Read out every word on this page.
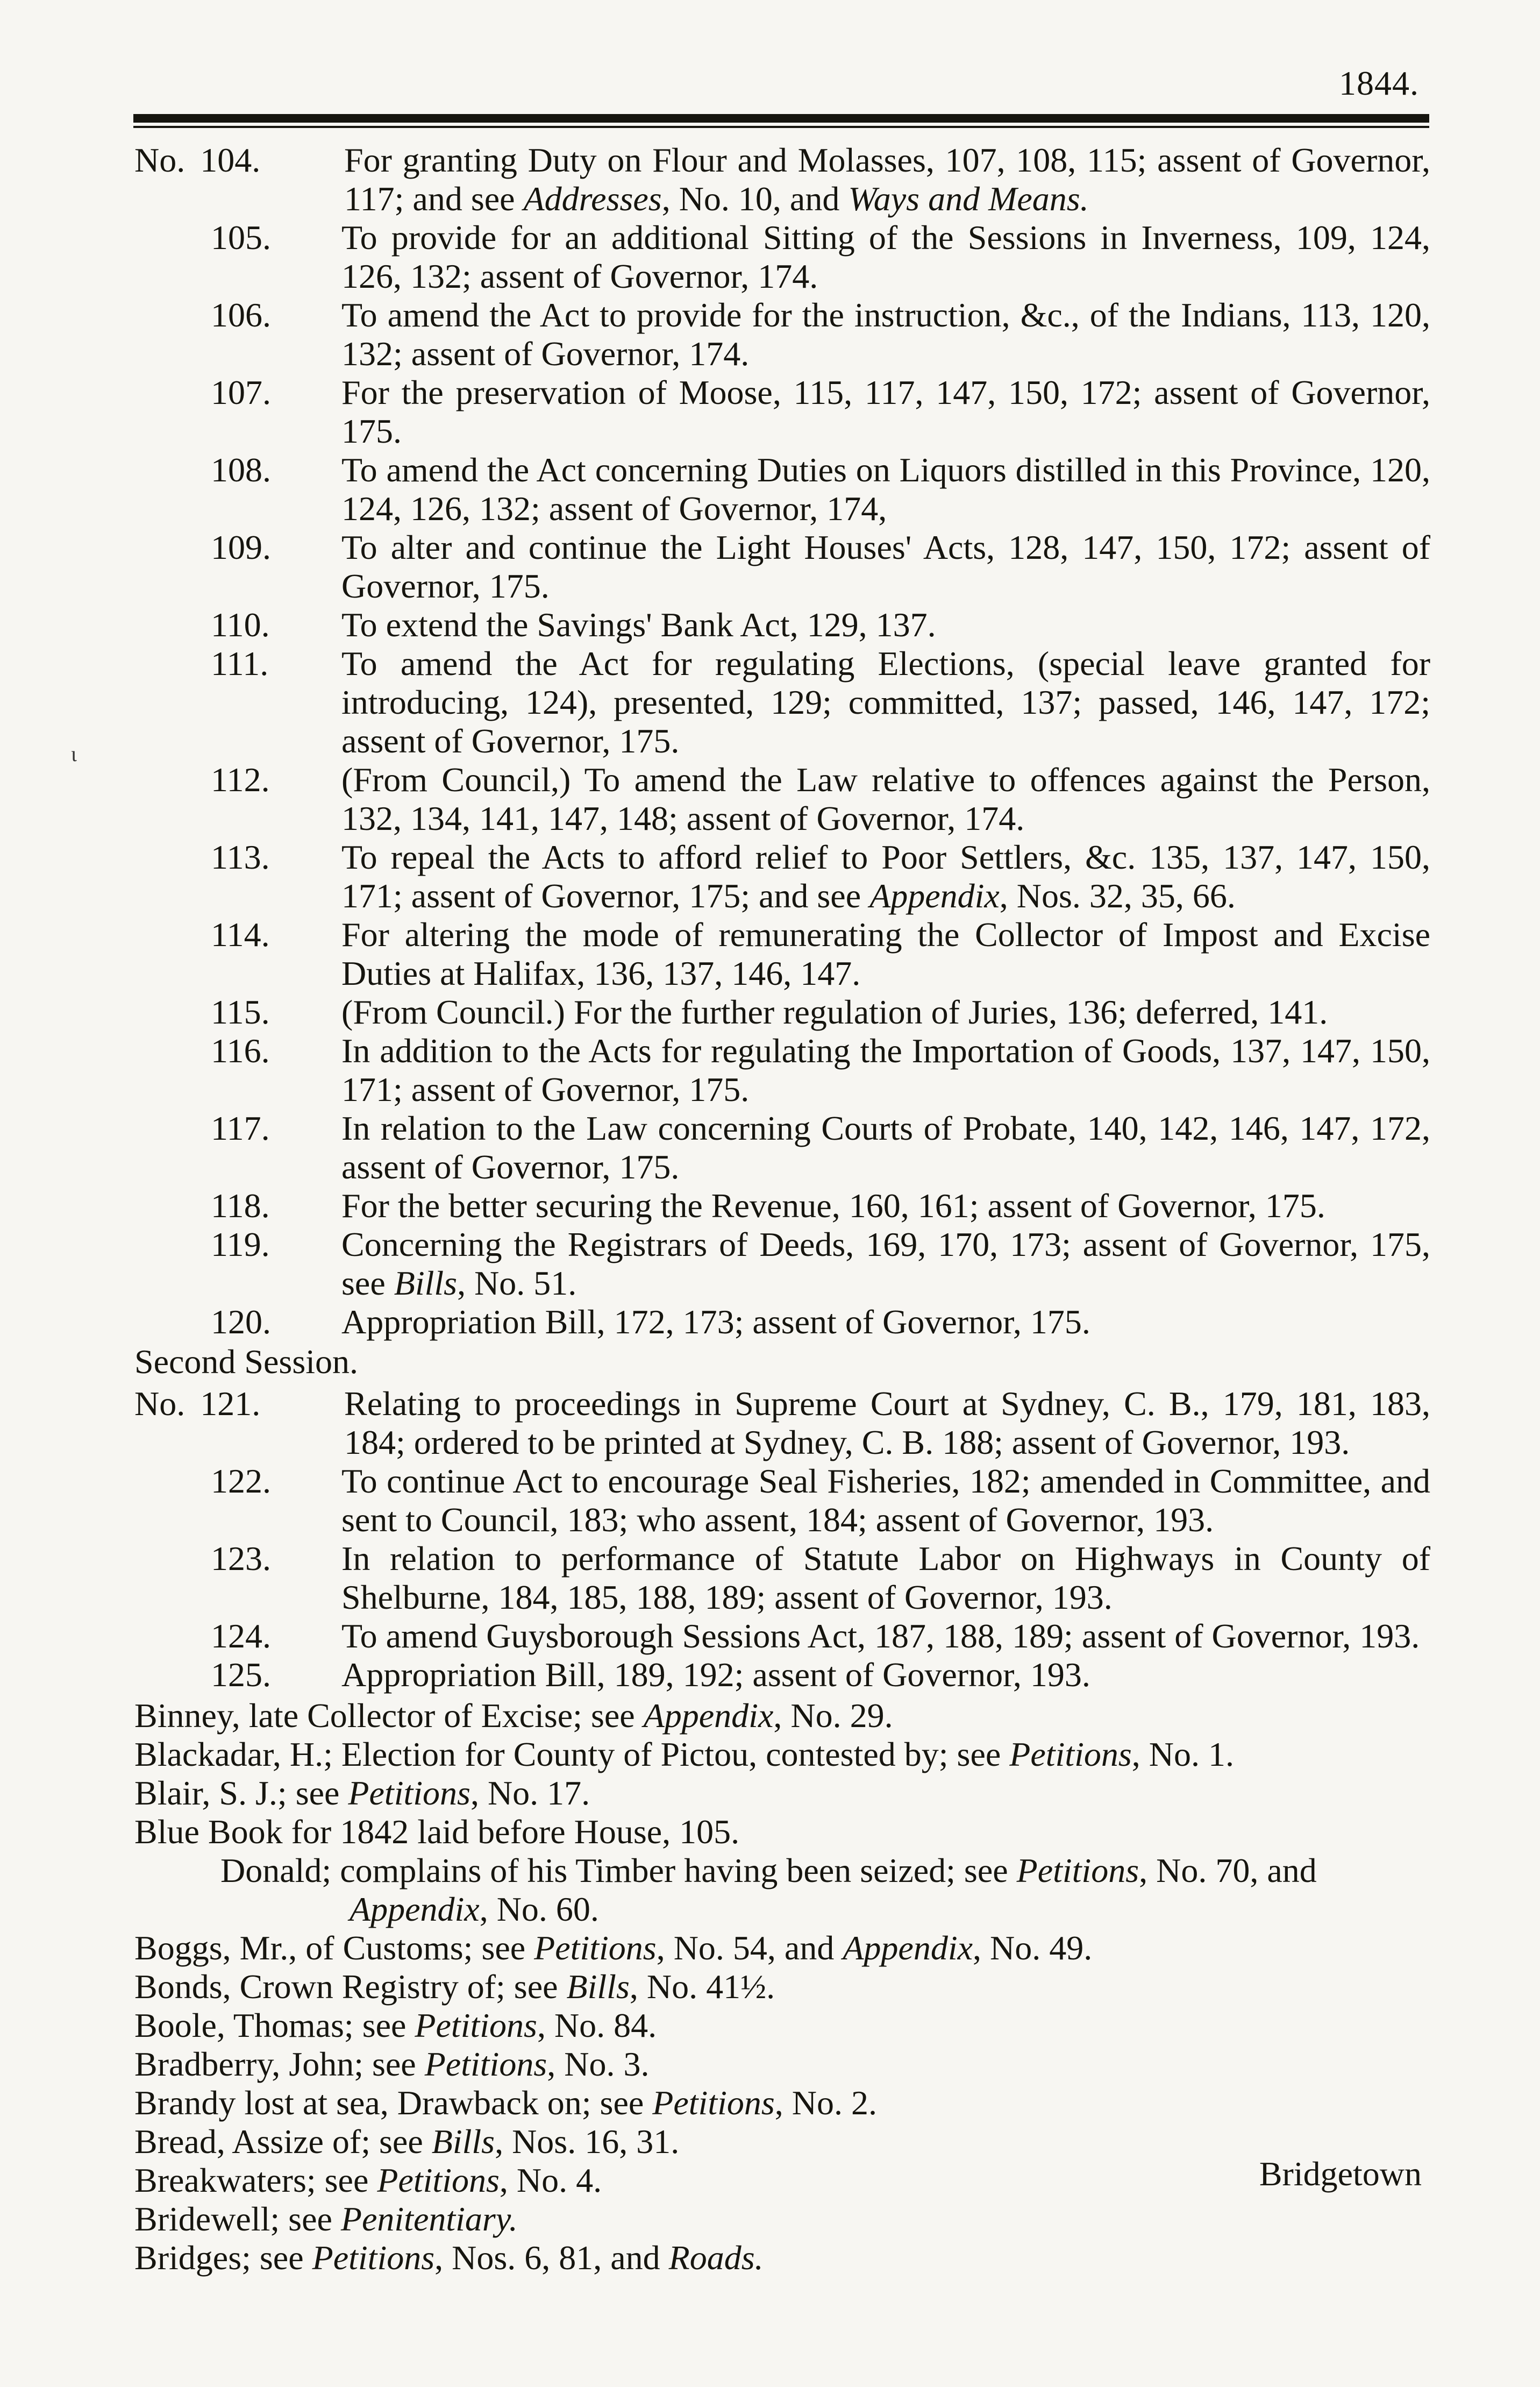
1844.
No. 104. For granting Duty on Flour and Molasses, 107, 108, 115; assent of Governor, 117; and see Addresses, No. 10, and Ways and Means.
105. To provide for an additional Sitting of the Sessions in Inverness, 109, 124, 126, 132; assent of Governor, 174.
106. To amend the Act to provide for the instruction, &c., of the Indians, 113, 120, 132; assent of Governor, 174.
107. For the preservation of Moose, 115, 117, 147, 150, 172; assent of Governor, 175.
108. To amend the Act concerning Duties on Liquors distilled in this Province, 120, 124, 126, 132; assent of Governor, 174,
109. To alter and continue the Light Houses' Acts, 128, 147, 150, 172; assent of Governor, 175.
110. To extend the Savings' Bank Act, 129, 137.
111. To amend the Act for regulating Elections, (special leave granted for introducing, 124), presented, 129; committed, 137; passed, 146, 147, 172; assent of Governor, 175.
112. (From Council,) To amend the Law relative to offences against the Person, 132, 134, 141, 147, 148; assent of Governor, 174.
113. To repeal the Acts to afford relief to Poor Settlers, &c. 135, 137, 147, 150, 171; assent of Governor, 175; and see Appendix, Nos. 32, 35, 66.
114. For altering the mode of remunerating the Collector of Impost and Excise Duties at Halifax, 136, 137, 146, 147.
115. (From Council.) For the further regulation of Juries, 136; deferred, 141.
116. In addition to the Acts for regulating the Importation of Goods, 137, 147, 150, 171; assent of Governor, 175.
117. In relation to the Law concerning Courts of Probate, 140, 142, 146, 147, 172, assent of Governor, 175.
118. For the better securing the Revenue, 160, 161; assent of Governor, 175.
119. Concerning the Registrars of Deeds, 169, 170, 173; assent of Governor, 175, see Bills, No. 51.
120. Appropriation Bill, 172, 173; assent of Governor, 175.
Second Session.
No. 121. Relating to proceedings in Supreme Court at Sydney, C. B., 179, 181, 183, 184; ordered to be printed at Sydney, C. B. 188; assent of Governor, 193.
122. To continue Act to encourage Seal Fisheries, 182; amended in Committee, and sent to Council, 183; who assent, 184; assent of Governor, 193.
123. In relation to performance of Statute Labor on Highways in County of Shelburne, 184, 185, 188, 189; assent of Governor, 193.
124. To amend Guysborough Sessions Act, 187, 188, 189; assent of Governor, 193.
125. Appropriation Bill, 189, 192; assent of Governor, 193.
Binney, late Collector of Excise; see Appendix, No. 29.
Blackadar, H.; Election for County of Pictou, contested by; see Petitions, No. 1.
Blair, S. J.; see Petitions, No. 17.
Blue Book for 1842 laid before House, 105.
Donald; complains of his Timber having been seized; see Petitions, No. 70, and Appendix, No. 60.
Boggs, Mr., of Customs; see Petitions, No. 54, and Appendix, No. 49.
Bonds, Crown Registry of; see Bills, No. 41½.
Boole, Thomas; see Petitions, No. 84.
Bradberry, John; see Petitions, No. 3.
Brandy lost at sea, Drawback on; see Petitions, No. 2.
Bread, Assize of; see Bills, Nos. 16, 31.
Breakwaters; see Petitions, No. 4.
Bridewell; see Penitentiary.
Bridges; see Petitions, Nos. 6, 81, and Roads.
Bridgetown
ɩ
